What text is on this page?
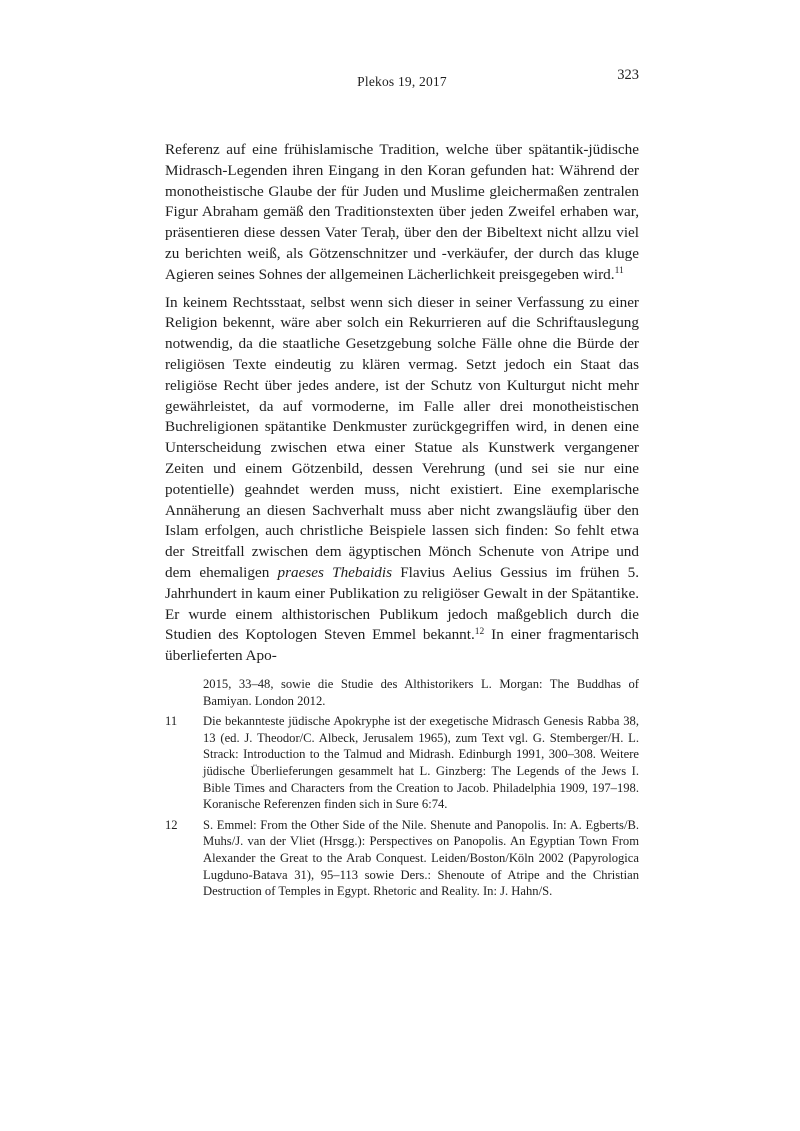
Plekos 19, 2017	323

Referenz auf eine frühislamische Tradition, welche über spätantik-jüdische Midrasch-Legenden ihren Eingang in den Koran gefunden hat: Während der monotheistische Glaube der für Juden und Muslime gleichermaßen zentralen Figur Abraham gemäß den Traditionstexten über jeden Zweifel erhaben war, präsentieren diese dessen Vater Teraḥ, über den der Bibeltext nicht allzu viel zu berichten weiß, als Götzenschnitzer und -verkäufer, der durch das kluge Agieren seines Sohnes der allgemeinen Lächerlichkeit preisgegeben wird.$^{11}$

In keinem Rechtsstaat, selbst wenn sich dieser in seiner Verfassung zu einer Religion bekennt, wäre aber solch ein Rekurrieren auf die Schriftauslegung notwendig, da die staatliche Gesetzgebung solche Fälle ohne die Bürde der religiösen Texte eindeutig zu klären vermag. Setzt jedoch ein Staat das religiöse Recht über jedes andere, ist der Schutz von Kulturgut nicht mehr gewährleistet, da auf vormoderne, im Falle aller drei monotheistischen Buchreligionen spätantike Denkmuster zurückgegriffen wird, in denen eine Unterscheidung zwischen etwa einer Statue als Kunstwerk vergangener Zeiten und einem Götzenbild, dessen Verehrung (und sei sie nur eine potentielle) geahndet werden muss, nicht existiert. Eine exemplarische Annäherung an diesen Sachverhalt muss aber nicht zwangsläufig über den Islam erfolgen, auch christliche Beispiele lassen sich finden: So fehlt etwa der Streitfall zwischen dem ägyptischen Mönch Schenute von Atripe und dem ehemaligen praeses Thebaidis Flavius Aelius Gessius im frühen 5. Jahrhundert in kaum einer Publikation zu religiöser Gewalt in der Spätantike. Er wurde einem althistorischen Publikum jedoch maßgeblich durch die Studien des Koptologen Steven Emmel bekannt.$^{12}$ In einer fragmentarisch überlieferten Apo-

2015, 33–48, sowie die Studie des Althistorikers L. Morgan: The Buddhas of Bamiyan. London 2012.
11	Die bekannteste jüdische Apokryphe ist der exegetische Midrasch Genesis Rabba 38, 13 (ed. J. Theodor/C. Albeck, Jerusalem 1965), zum Text vgl. G. Stemberger/H. L. Strack: Introduction to the Talmud and Midrash. Edinburgh 1991, 300–308. Weitere jüdische Überlieferungen gesammelt hat L. Ginzberg: The Legends of the Jews I. Bible Times and Characters from the Creation to Jacob. Philadelphia 1909, 197–198. Koranische Referenzen finden sich in Sure 6:74.
12	S. Emmel: From the Other Side of the Nile. Shenute and Panopolis. In: A. Egberts/B. Muhs/J. van der Vliet (Hrsgg.): Perspectives on Panopolis. An Egyptian Town From Alexander the Great to the Arab Conquest. Leiden/Boston/Köln 2002 (Papyrologica Lugduno-Batava 31), 95–113 sowie Ders.: Shenoute of Atripe and the Christian Destruction of Temples in Egypt. Rhetoric and Reality. In: J. Hahn/S.
